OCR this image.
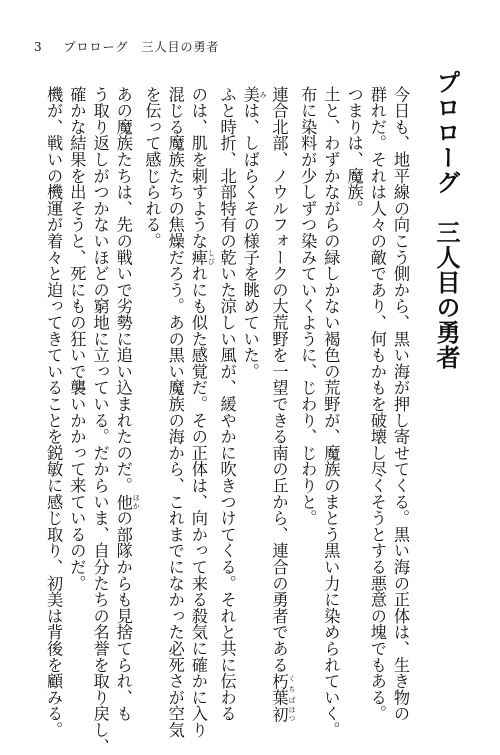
3 プロローグ　三人目の勇者
プロローグ　三人目の勇者

今日も、地平線の向こう側から、黒い海が押し寄せてくる。黒い海の正体は、生き物の
群れだ。それは人々の敵であり、何もかもを破壊し尽くそうとする悪意の塊でもある。

つまりは、魔族。

土と、わずかながらの緑しかない褐色の荒野が、魔族のまとう黒い力に染められていく。
布に染料が少しずつ染みていくように、じわり、じわりと。

連合北部、ノウルフォークの大荒野を一望できる南の丘から、連合の勇者である朽葉 くちば初 はつ
美 みは、しばらくその様子を眺めていた。

ふと時折、北部特有の乾いた涼しい風が、緩やかに吹きつけてくる。それと共に伝わる
のは、肌を刺すような痺 しびれにも似た感覚だ。その正体は、向かって来る殺気に確かに入り
混じる魔族たちの焦燥だろう。あの黒い魔族の海から、これまでになかった必死さが空気
を伝って感じられる。

あの魔族たちは、先の戦いで劣勢に追い込まれたのだ。他 ほかの部隊からも見捨てられ、も
う取り返しがつかないほどの窮地に立っている。だからいま、自分たちの名誉を取り戻し、
確かな結果を出そうと、死にもの狂いで襲いかかって来ているのだ。

機が、戦いの機運が着々と迫ってきていることを鋭敏に感じ取り、初美は背後を顧みる。
